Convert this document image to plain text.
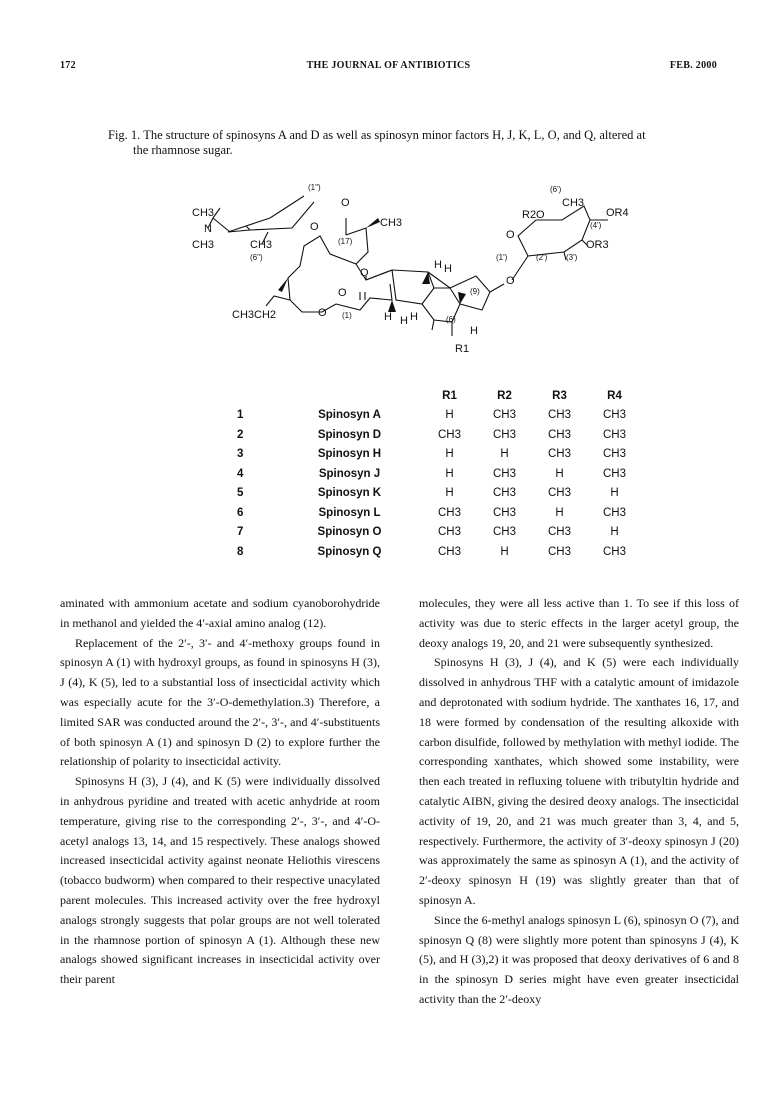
172	THE JOURNAL OF ANTIBIOTICS	FEB. 2000
Fig. 1. The structure of spinosyns A and D as well as spinosyn minor factors H, J, K, L, O, and Q, altered at
the rhamnose sugar.
(1")
CH3
N
CH3	CH3
(6")
O
O
CH3
(17)
O
O
O (1)
CH3CH2
H H
H H H
H
(9)
(6)
R1
O
(6')
CH3
R2O	OR4
(4')
O
(1')	(2') (3')
OR3
		R1	R2	R3	R4
1	Spinosyn A	H	CH3	CH3	CH3
2	Spinosyn D	CH3	CH3	CH3	CH3
3	Spinosyn H	H	H	CH3	CH3
4	Spinosyn J	H	CH3	H	CH3
5	Spinosyn K	H	CH3	CH3	H
6	Spinosyn L	CH3	CH3	H	CH3
7	Spinosyn O	CH3	CH3	CH3	H
8	Spinosyn Q	CH3	H	CH3	CH3

aminated with ammonium acetate and sodium cyanoborohydride in methanol and yielded the 4′-axial amino analog (12).

Replacement of the 2′-, 3′- and 4′-methoxy groups found in spinosyn A (1) with hydroxyl groups, as found in spinosyns H (3), J (4), K (5), led to a substantial loss of insecticidal activity which was especially acute for the 3′-O-demethylation.3) Therefore, a limited SAR was conducted around the 2′-, 3′-, and 4′-substituents of both spinosyn A (1) and spinosyn D (2) to explore further the relationship of polarity to insecticidal activity.

Spinosyns H (3), J (4), and K (5) were individually dissolved in anhydrous pyridine and treated with acetic anhydride at room temperature, giving rise to the corresponding 2′-, 3′-, and 4′-O-acetyl analogs 13, 14, and 15 respectively. These analogs showed increased insecticidal activity against neonate Heliothis virescens (tobacco budworm) when compared to their respective unacylated parent molecules. This increased activity over the free hydroxyl analogs strongly suggests that polar groups are not well tolerated in the rhamnose portion of spinosyn A (1). Although these new analogs showed significant increases in insecticidal activity over their parent

molecules, they were all less active than 1. To see if this loss of activity was due to steric effects in the larger acetyl group, the deoxy analogs 19, 20, and 21 were subsequently synthesized.

Spinosyns H (3), J (4), and K (5) were each individually dissolved in anhydrous THF with a catalytic amount of imidazole and deprotonated with sodium hydride. The xanthates 16, 17, and 18 were formed by condensation of the resulting alkoxide with carbon disulfide, followed by methylation with methyl iodide. The corresponding xanthates, which showed some instability, were then each treated in refluxing toluene with tributyltin hydride and catalytic AIBN, giving the desired deoxy analogs. The insecticidal activity of 19, 20, and 21 was much greater than 3, 4, and 5, respectively. Furthermore, the activity of 3′-deoxy spinosyn J (20) was approximately the same as spinosyn A (1), and the activity of 2′-deoxy spinosyn H (19) was slightly greater than that of spinosyn A.

Since the 6-methyl analogs spinosyn L (6), spinosyn O (7), and spinosyn Q (8) were slightly more potent than spinosyns J (4), K (5), and H (3),2) it was proposed that deoxy derivatives of 6 and 8 in the spinosyn D series might have even greater insecticidal activity than the 2′-deoxy
